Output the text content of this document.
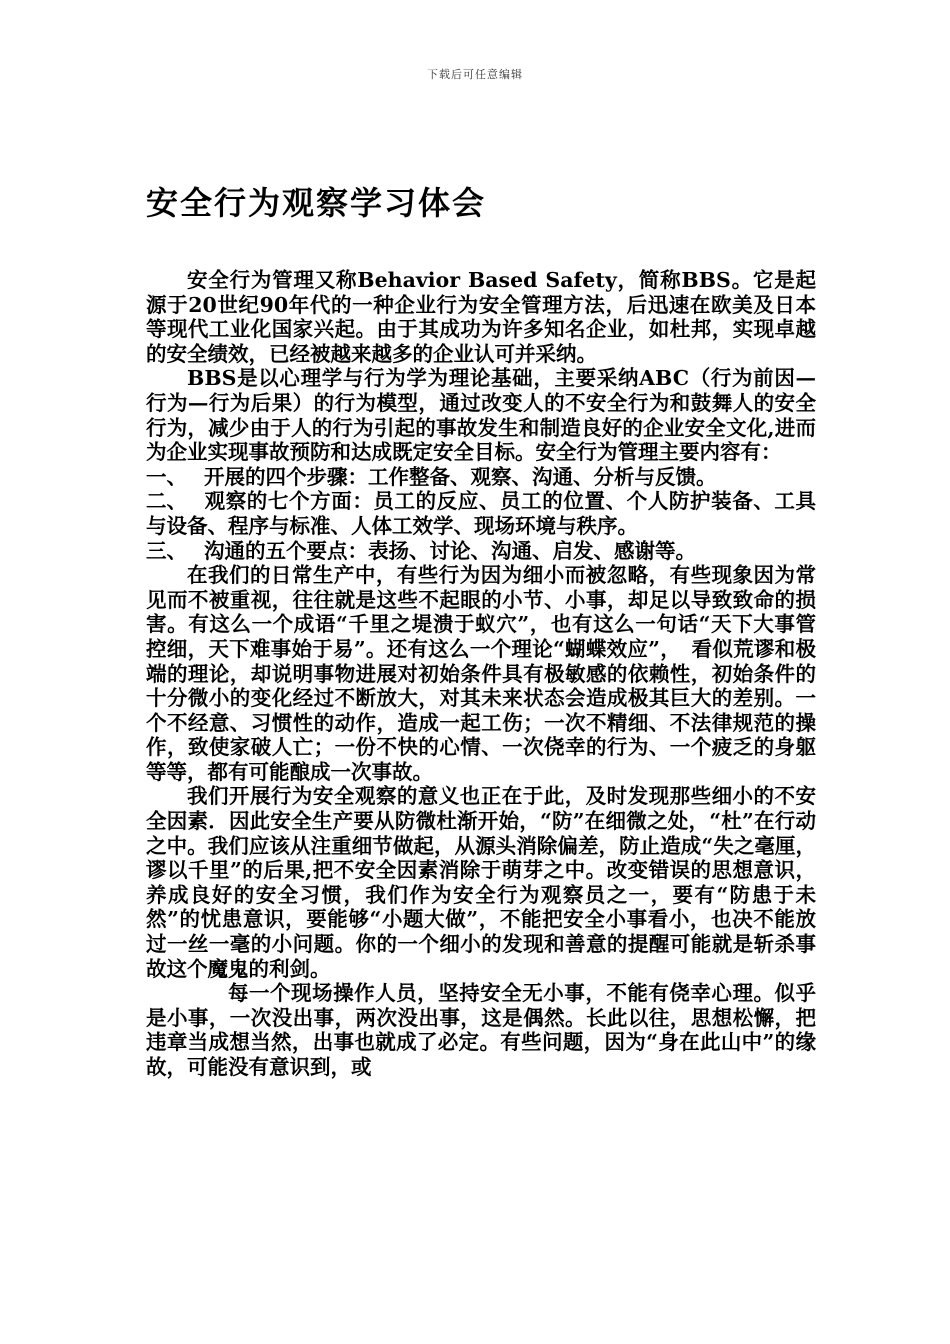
下载后可任意编辑
安全行为观察学习体会

安全行为管理又称Behavior Based Safety，简称BBS。它是起源于20世纪90年代的一种企业行为安全管理方法，后迅速在欧美及日本等现代工业化国家兴起。由于其成功为许多知名企业，如杜邦，实现卓越的安全绩效，已经被越来越多的企业认可并采纳。

BBS是以心理学与行为学为理论基础，主要采纳ABC（行为前因—行为—行为后果）的行为模型，通过改变人的不安全行为和鼓舞人的安全行为，减少由于人的行为引起的事故发生和制造良好的企业安全文化,进而为企业实现事故预防和达成既定安全目标。安全行为管理主要内容有：

一、 开展的四个步骤：工作整备、观察、沟通、分析与反馈。

二、 观察的七个方面：员工的反应、员工的位置、个人防护装备、工具与设备、程序与标准、人体工效学、现场环境与秩序。

三、 沟通的五个要点：表扬、讨论、沟通、启发、感谢等。

在我们的日常生产中，有些行为因为细小而被忽略，有些现象因为常见而不被重视，往往就是这些不起眼的小节、小事，却足以导致致命的损害。有这么一个成语“千里之堤溃于蚁穴”，也有这么一句话“天下大事管控细，天下难事始于易”。还有这么一个理论“蝴蝶效应”，　看似荒谬和极端的理论，却说明事物进展对初始条件具有极敏感的依赖性，初始条件的十分微小的变化经过不断放大，对其未来状态会造成极其巨大的差别。一个不经意、习惯性的动作，造成一起工伤；一次不精细、不法律规范的操作，致使家破人亡；一份不快的心情、一次侥幸的行为、一个疲乏的身躯等等，都有可能酿成一次事故。

我们开展行为安全观察的意义也正在于此，及时发现那些细小的不安全因素．因此安全生产要从防微杜渐开始，“防”在细微之处，“杜”在行动之中。我们应该从注重细节做起，从源头消除偏差，防止造成“失之毫厘，谬以千里”的后果,把不安全因素消除于萌芽之中。改变错误的思想意识，养成良好的安全习惯，我们作为安全行为观察员之一，要有“防患于未然”的忧患意识，要能够“小题大做”，不能把安全小事看小，也决不能放过一丝一毫的小问题。你的一个细小的发现和善意的提醒可能就是斩杀事故这个魔鬼的利剑。

每一个现场操作人员，坚持安全无小事，不能有侥幸心理。似乎是小事，一次没出事，两次没出事，这是偶然。长此以往，思想松懈，把违章当成想当然，出事也就成了必定。有些问题，因为“身在此山中”的缘故，可能没有意识到，或
